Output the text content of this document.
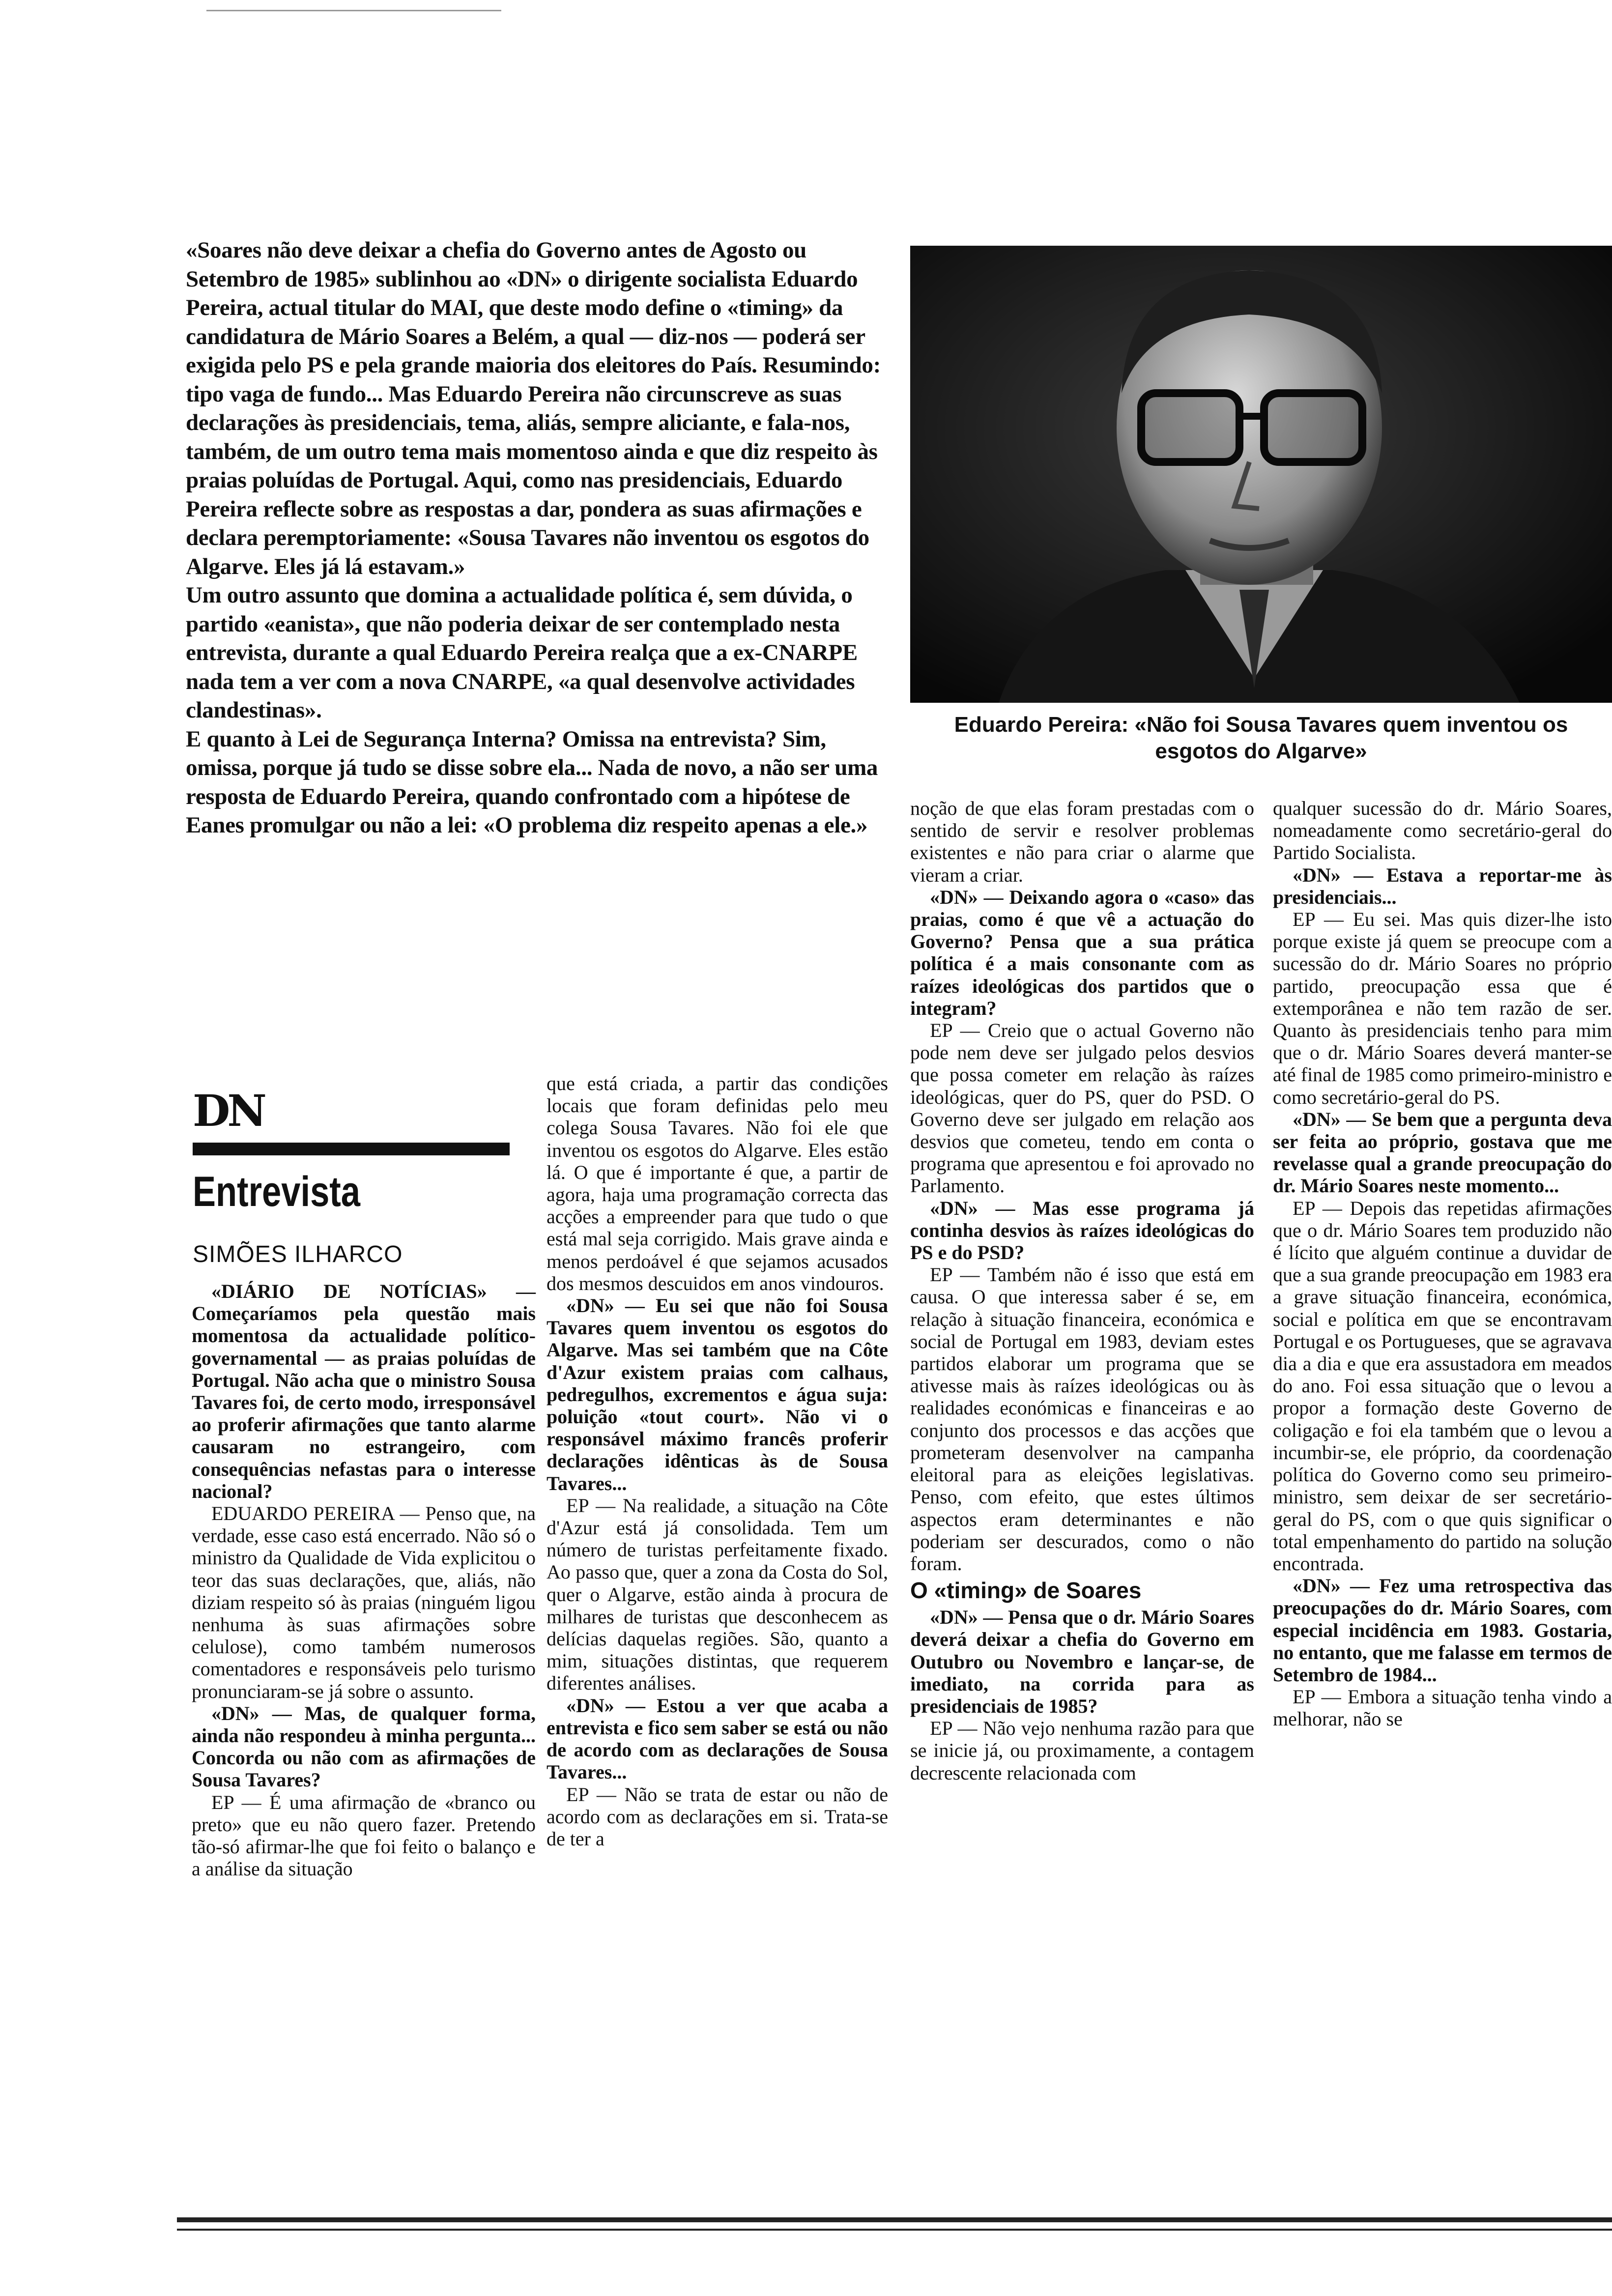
«Soares não deve deixar a chefia do Governo antes de Agosto ou Setembro de 1985» sublinhou ao «DN» o dirigente socialista Eduardo Pereira, actual titular do MAI, que deste modo define o «timing» da candidatura de Mário Soares a Belém, a qual — diz-nos — poderá ser exigida pelo PS e pela grande maioria dos eleitores do País. Resumindo: tipo vaga de fundo... Mas Eduardo Pereira não circunscreve as suas declarações às presidenciais, tema, aliás, sempre aliciante, e fala-nos, também, de um outro tema mais momentoso ainda e que diz respeito às praias poluídas de Portugal. Aqui, como nas presidenciais, Eduardo Pereira reflecte sobre as respostas a dar, pondera as suas afirmações e declara peremptoriamente: «Sousa Tavares não inventou os esgotos do Algarve. Eles já lá estavam.»

Um outro assunto que domina a actualidade política é, sem dúvida, o partido «eanista», que não poderia deixar de ser contemplado nesta entrevista, durante a qual Eduardo Pereira realça que a ex-CNARPE nada tem a ver com a nova CNARPE, «a qual desenvolve actividades clandestinas».

E quanto à Lei de Segurança Interna? Omissa na entrevista? Sim, omissa, porque já tudo se disse sobre ela... Nada de novo, a não ser uma resposta de Eduardo Pereira, quando confrontado com a hipótese de Eanes promulgar ou não a lei: «O problema diz respeito apenas a ele.»

Eduardo Pereira: «Não foi Sousa Tavares quem inventou os esgotos do Algarve»
DN
Entrevista
SIMÕES ILHARCO

«DIÁRIO DE NOTÍCIAS» — Começaríamos pela questão mais momentosa da actualidade político-governamental — as praias poluídas de Portugal. Não acha que o ministro Sousa Tavares foi, de certo modo, irresponsável ao proferir afirmações que tanto alarme causaram no estrangeiro, com consequências nefastas para o interesse nacional?

EDUARDO PEREIRA — Penso que, na verdade, esse caso está encerrado. Não só o ministro da Qualidade de Vida explicitou o teor das suas declarações, que, aliás, não diziam respeito só às praias (ninguém ligou nenhuma às suas afirmações sobre celulose), como também numerosos comentadores e responsáveis pelo turismo pronunciaram-se já sobre o assunto.

«DN» — Mas, de qualquer forma, ainda não respondeu à minha pergunta... Concorda ou não com as afirmações de Sousa Tavares?

EP — É uma afirmação de «branco ou preto» que eu não quero fazer. Pretendo tão-só afirmar-lhe que foi feito o balanço e a análise da situação

que está criada, a partir das condições locais que foram definidas pelo meu colega Sousa Tavares. Não foi ele que inventou os esgotos do Algarve. Eles estão lá. O que é importante é que, a partir de agora, haja uma programação correcta das acções a empreender para que tudo o que está mal seja corrigido. Mais grave ainda e menos perdoável é que sejamos acusados dos mesmos descuidos em anos vindouros.

«DN» — Eu sei que não foi Sousa Tavares quem inventou os esgotos do Algarve. Mas sei também que na Côte d'Azur existem praias com calhaus, pedregulhos, excrementos e água suja: poluição «tout court». Não vi o responsável máximo francês proferir declarações idênticas às de Sousa Tavares...

EP — Na realidade, a situação na Côte d'Azur está já consolidada. Tem um número de turistas perfeitamente fixado. Ao passo que, quer a zona da Costa do Sol, quer o Algarve, estão ainda à procura de milhares de turistas que desconhecem as delícias daquelas regiões. São, quanto a mim, situações distintas, que requerem diferentes análises.

«DN» — Estou a ver que acaba a entrevista e fico sem saber se está ou não de acordo com as declarações de Sousa Tavares...

EP — Não se trata de estar ou não de acordo com as declarações em si. Trata-se de ter a

noção de que elas foram prestadas com o sentido de servir e resolver problemas existentes e não para criar o alarme que vieram a criar.

«DN» — Deixando agora o «caso» das praias, como é que vê a actuação do Governo? Pensa que a sua prática política é a mais consonante com as raízes ideológicas dos partidos que o integram?

EP — Creio que o actual Governo não pode nem deve ser julgado pelos desvios que possa cometer em relação às raízes ideológicas, quer do PS, quer do PSD. O Governo deve ser julgado em relação aos desvios que cometeu, tendo em conta o programa que apresentou e foi aprovado no Parlamento.

«DN» — Mas esse programa já continha desvios às raízes ideológicas do PS e do PSD?

EP — Também não é isso que está em causa. O que interessa saber é se, em relação à situação financeira, económica e social de Portugal em 1983, deviam estes partidos elaborar um programa que se ativesse mais às raízes ideológicas ou às realidades económicas e financeiras e ao conjunto dos processos e das acções que prometeram desenvolver na campanha eleitoral para as eleições legislativas. Penso, com efeito, que estes últimos aspectos eram determinantes e não poderiam ser descurados, como o não foram.

O «timing» de Soares

«DN» — Pensa que o dr. Mário Soares deverá deixar a chefia do Governo em Outubro ou Novembro e lançar-se, de imediato, na corrida para as presidenciais de 1985?

EP — Não vejo nenhuma razão para que se inicie já, ou proximamente, a contagem decrescente relacionada com

qualquer sucessão do dr. Mário Soares, nomeadamente como secretário-geral do Partido Socialista.

«DN» — Estava a reportar-me às presidenciais...

EP — Eu sei. Mas quis dizer-lhe isto porque existe já quem se preocupe com a sucessão do dr. Mário Soares no próprio partido, preocupação essa que é extemporânea e não tem razão de ser. Quanto às presidenciais tenho para mim que o dr. Mário Soares deverá manter-se até final de 1985 como primeiro-ministro e como secretário-geral do PS.

«DN» — Se bem que a pergunta deva ser feita ao próprio, gostava que me revelasse qual a grande preocupação do dr. Mário Soares neste momento...

EP — Depois das repetidas afirmações que o dr. Mário Soares tem produzido não é lícito que alguém continue a duvidar de que a sua grande preocupação em 1983 era a grave situação financeira, económica, social e política em que se encontravam Portugal e os Portugueses, que se agravava dia a dia e que era assustadora em meados do ano. Foi essa situação que o levou a propor a formação deste Governo de coligação e foi ela também que o levou a incumbir-se, ele próprio, da coordenação política do Governo como seu primeiro-ministro, sem deixar de ser secretário-geral do PS, com o que quis significar o total empenhamento do partido na solução encontrada.

«DN» — Fez uma retrospectiva das preocupações do dr. Mário Soares, com especial incidência em 1983. Gostaria, no entanto, que me falasse em termos de Setembro de 1984...

EP — Embora a situação tenha vindo a melhorar, não se
